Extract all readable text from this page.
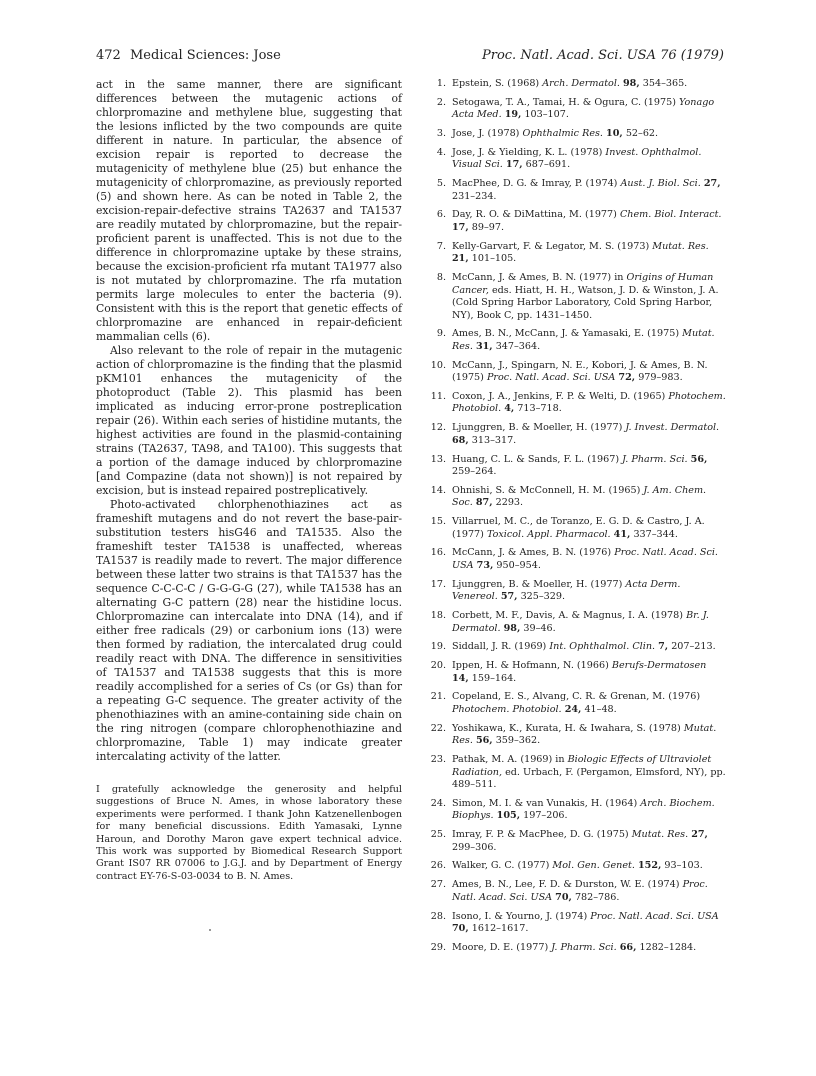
472 Medical Sciences: Jose	Proc. Natl. Acad. Sci. USA 76 (1979)

act in the same manner, there are significant differences between the mutagenic actions of chlorpromazine and methylene blue, suggesting that the lesions inflicted by the two compounds are quite different in nature. In particular, the absence of excision repair is reported to decrease the mutagenicity of methylene blue (25) but enhance the mutagenicity of chlorpromazine, as previously reported (5) and shown here. As can be noted in Table 2, the excision-repair-defective strains TA2637 and TA1537 are readily mutated by chlorpromazine, but the repair-proficient parent is unaffected. This is not due to the difference in chlorpromazine uptake by these strains, because the excision-proficient rfa mutant TA1977 also is not mutated by chlorpromazine. The rfa mutation permits large molecules to enter the bacteria (9). Consistent with this is the report that genetic effects of chlorpromazine are enhanced in repair-deficient mammalian cells (6).

Also relevant to the role of repair in the mutagenic action of chlorpromazine is the finding that the plasmid pKM101 enhances the mutagenicity of the photoproduct (Table 2). This plasmid has been implicated as inducing error-prone postreplication repair (26). Within each series of histidine mutants, the highest activities are found in the plasmid-containing strains (TA2637, TA98, and TA100). This suggests that a portion of the damage induced by chlorpromazine [and Compazine (data not shown)] is not repaired by excision, but is instead repaired postreplicatively.

Photo-activated chlorphenothiazines act as frameshift mutagens and do not revert the base-pair-substitution testers hisG46 and TA1535. Also the frameshift tester TA1538 is unaffected, whereas TA1537 is readily made to revert. The major difference between these latter two strains is that TA1537 has the sequence C-C-C-C / G-G-G-G (27), while TA1538 has an alternating G-C pattern (28) near the histidine locus. Chlorpromazine can intercalate into DNA (14), and if either free radicals (29) or carbonium ions (13) were then formed by radiation, the intercalated drug could readily react with DNA. The difference in sensitivities of TA1537 and TA1538 suggests that this is more readily accomplished for a series of Cs (or Gs) than for a repeating G-C sequence. The greater activity of the phenothiazines with an amine-containing side chain on the ring nitrogen (compare chlorophenothiazine and chlorpromazine, Table 1) may indicate greater intercalating activity of the latter.

I gratefully acknowledge the generosity and helpful suggestions of Bruce N. Ames, in whose laboratory these experiments were performed. I thank John Katzenellenbogen for many beneficial discussions. Edith Yamasaki, Lynne Haroun, and Dorothy Maron gave expert technical advice. This work was supported by Biomedical Research Support Grant IS07 RR 07006 to J.G.J. and by Department of Energy contract EY-76-S-03-0034 to B. N. Ames.

1. Epstein, S. (1968) Arch. Dermatol. 98, 354–365.
2. Setogawa, T. A., Tamai, H. & Ogura, C. (1975) Yonago Acta Med. 19, 103–107.
3. Jose, J. (1978) Ophthalmic Res. 10, 52–62.
4. Jose, J. & Yielding, K. L. (1978) Invest. Ophthalmol. Visual Sci. 17, 687–691.
5. MacPhee, D. G. & Imray, P. (1974) Aust. J. Biol. Sci. 27, 231–234.
6. Day, R. O. & DiMattina, M. (1977) Chem. Biol. Interact. 17, 89–97.
7. Kelly-Garvart, F. & Legator, M. S. (1973) Mutat. Res. 21, 101–105.
8. McCann, J. & Ames, B. N. (1977) in Origins of Human Cancer, eds. Hiatt, H. H., Watson, J. D. & Winston, J. A. (Cold Spring Harbor Laboratory, Cold Spring Harbor, NY), Book C, pp. 1431–1450.
9. Ames, B. N., McCann, J. & Yamasaki, E. (1975) Mutat. Res. 31, 347–364.
10. McCann, J., Spingarn, N. E., Kobori, J. & Ames, B. N. (1975) Proc. Natl. Acad. Sci. USA 72, 979–983.
11. Coxon, J. A., Jenkins, F. P. & Welti, D. (1965) Photochem. Photobiol. 4, 713–718.
12. Ljunggren, B. & Moeller, H. (1977) J. Invest. Dermatol. 68, 313–317.
13. Huang, C. L. & Sands, F. L. (1967) J. Pharm. Sci. 56, 259–264.
14. Ohnishi, S. & McConnell, H. M. (1965) J. Am. Chem. Soc. 87, 2293.
15. Villarruel, M. C., de Toranzo, E. G. D. & Castro, J. A. (1977) Toxicol. Appl. Pharmacol. 41, 337–344.
16. McCann, J. & Ames, B. N. (1976) Proc. Natl. Acad. Sci. USA 73, 950–954.
17. Ljunggren, B. & Moeller, H. (1977) Acta Derm. Venereol. 57, 325–329.
18. Corbett, M. F., Davis, A. & Magnus, I. A. (1978) Br. J. Dermatol. 98, 39–46.
19. Siddall, J. R. (1969) Int. Ophthalmol. Clin. 7, 207–213.
20. Ippen, H. & Hofmann, N. (1966) Berufs-Dermatosen 14, 159–164.
21. Copeland, E. S., Alvang, C. R. & Grenan, M. (1976) Photochem. Photobiol. 24, 41–48.
22. Yoshikawa, K., Kurata, H. & Iwahara, S. (1978) Mutat. Res. 56, 359–362.
23. Pathak, M. A. (1969) in Biologic Effects of Ultraviolet Radiation, ed. Urbach, F. (Pergamon, Elmsford, NY), pp. 489–511.
24. Simon, M. I. & van Vunakis, H. (1964) Arch. Biochem. Biophys. 105, 197–206.
25. Imray, F. P. & MacPhee, D. G. (1975) Mutat. Res. 27, 299–306.
26. Walker, G. C. (1977) Mol. Gen. Genet. 152, 93–103.
27. Ames, B. N., Lee, F. D. & Durston, W. E. (1974) Proc. Natl. Acad. Sci. USA 70, 782–786.
28. Isono, I. & Yourno, J. (1974) Proc. Natl. Acad. Sci. USA 70, 1612–1617.
29. Moore, D. E. (1977) J. Pharm. Sci. 66, 1282–1284.
